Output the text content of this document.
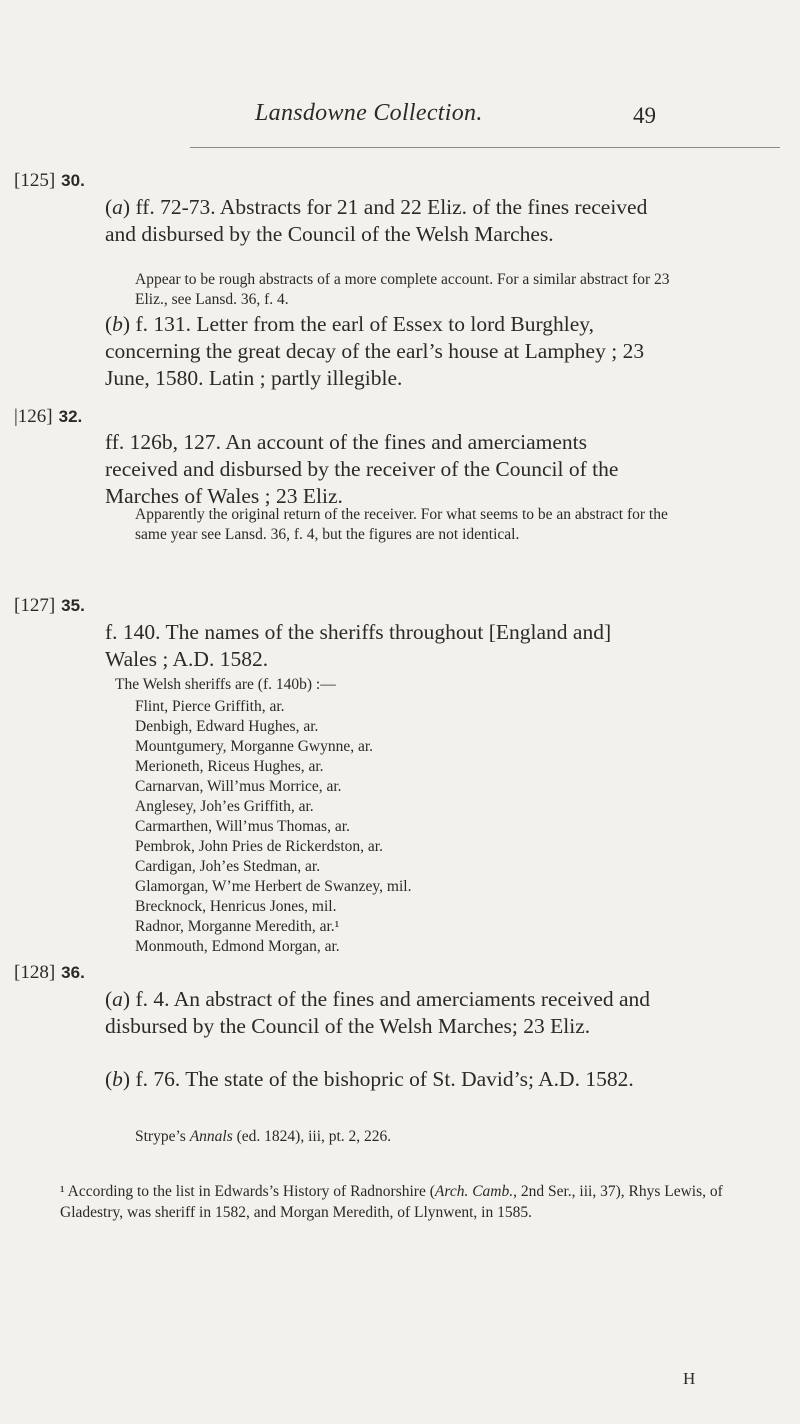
Lansdowne Collection.	49
[125] 30.
(a) ff. 72-73. Abstracts for 21 and 22 Eliz. of the fines received and disbursed by the Council of the Welsh Marches.
Appear to be rough abstracts of a more complete account. For a similar abstract for 23 Eliz., see Lansd. 36, f. 4.
(b) f. 131. Letter from the earl of Essex to lord Burghley, concerning the great decay of the earl’s house at Lamphey ; 23 June, 1580. Latin ; partly illegible.
|126] 32.
ff. 126b, 127. An account of the fines and amerciaments received and disbursed by the receiver of the Council of the Marches of Wales ; 23 Eliz.
Apparently the original return of the receiver. For what seems to be an abstract for the same year see Lansd. 36, f. 4, but the figures are not identical.
[127] 35.
f. 140. The names of the sheriffs throughout [England and] Wales ; A.D. 1582.
The Welsh sheriffs are (f. 140b) :—
Flint, Pierce Griffith, ar.
Denbigh, Edward Hughes, ar.
Mountgumery, Morganne Gwynne, ar.
Merioneth, Riceus Hughes, ar.
Carnarvan, Will’mus Morrice, ar.
Anglesey, Joh’es Griffith, ar.
Carmarthen, Will’mus Thomas, ar.
Pembrok, John Pries de Rickerdston, ar.
Cardigan, Joh’es Stedman, ar.
Glamorgan, W’me Herbert de Swanzey, mil.
Brecknock, Henricus Jones, mil.
Radnor, Morganne Meredith, ar.¹
Monmouth, Edmond Morgan, ar.
[128] 36.
(a) f. 4. An abstract of the fines and amerciaments received and disbursed by the Council of the Welsh Marches; 23 Eliz.
(b) f. 76. The state of the bishopric of St. David’s; A.D. 1582.
Strype’s Annals (ed. 1824), iii, pt. 2, 226.
¹ According to the list in Edwards’s History of Radnorshire (Arch. Camb., 2nd Ser., iii, 37), Rhys Lewis, of Gladestry, was sheriff in 1582, and Morgan Meredith, of Llynwent, in 1585.
H
